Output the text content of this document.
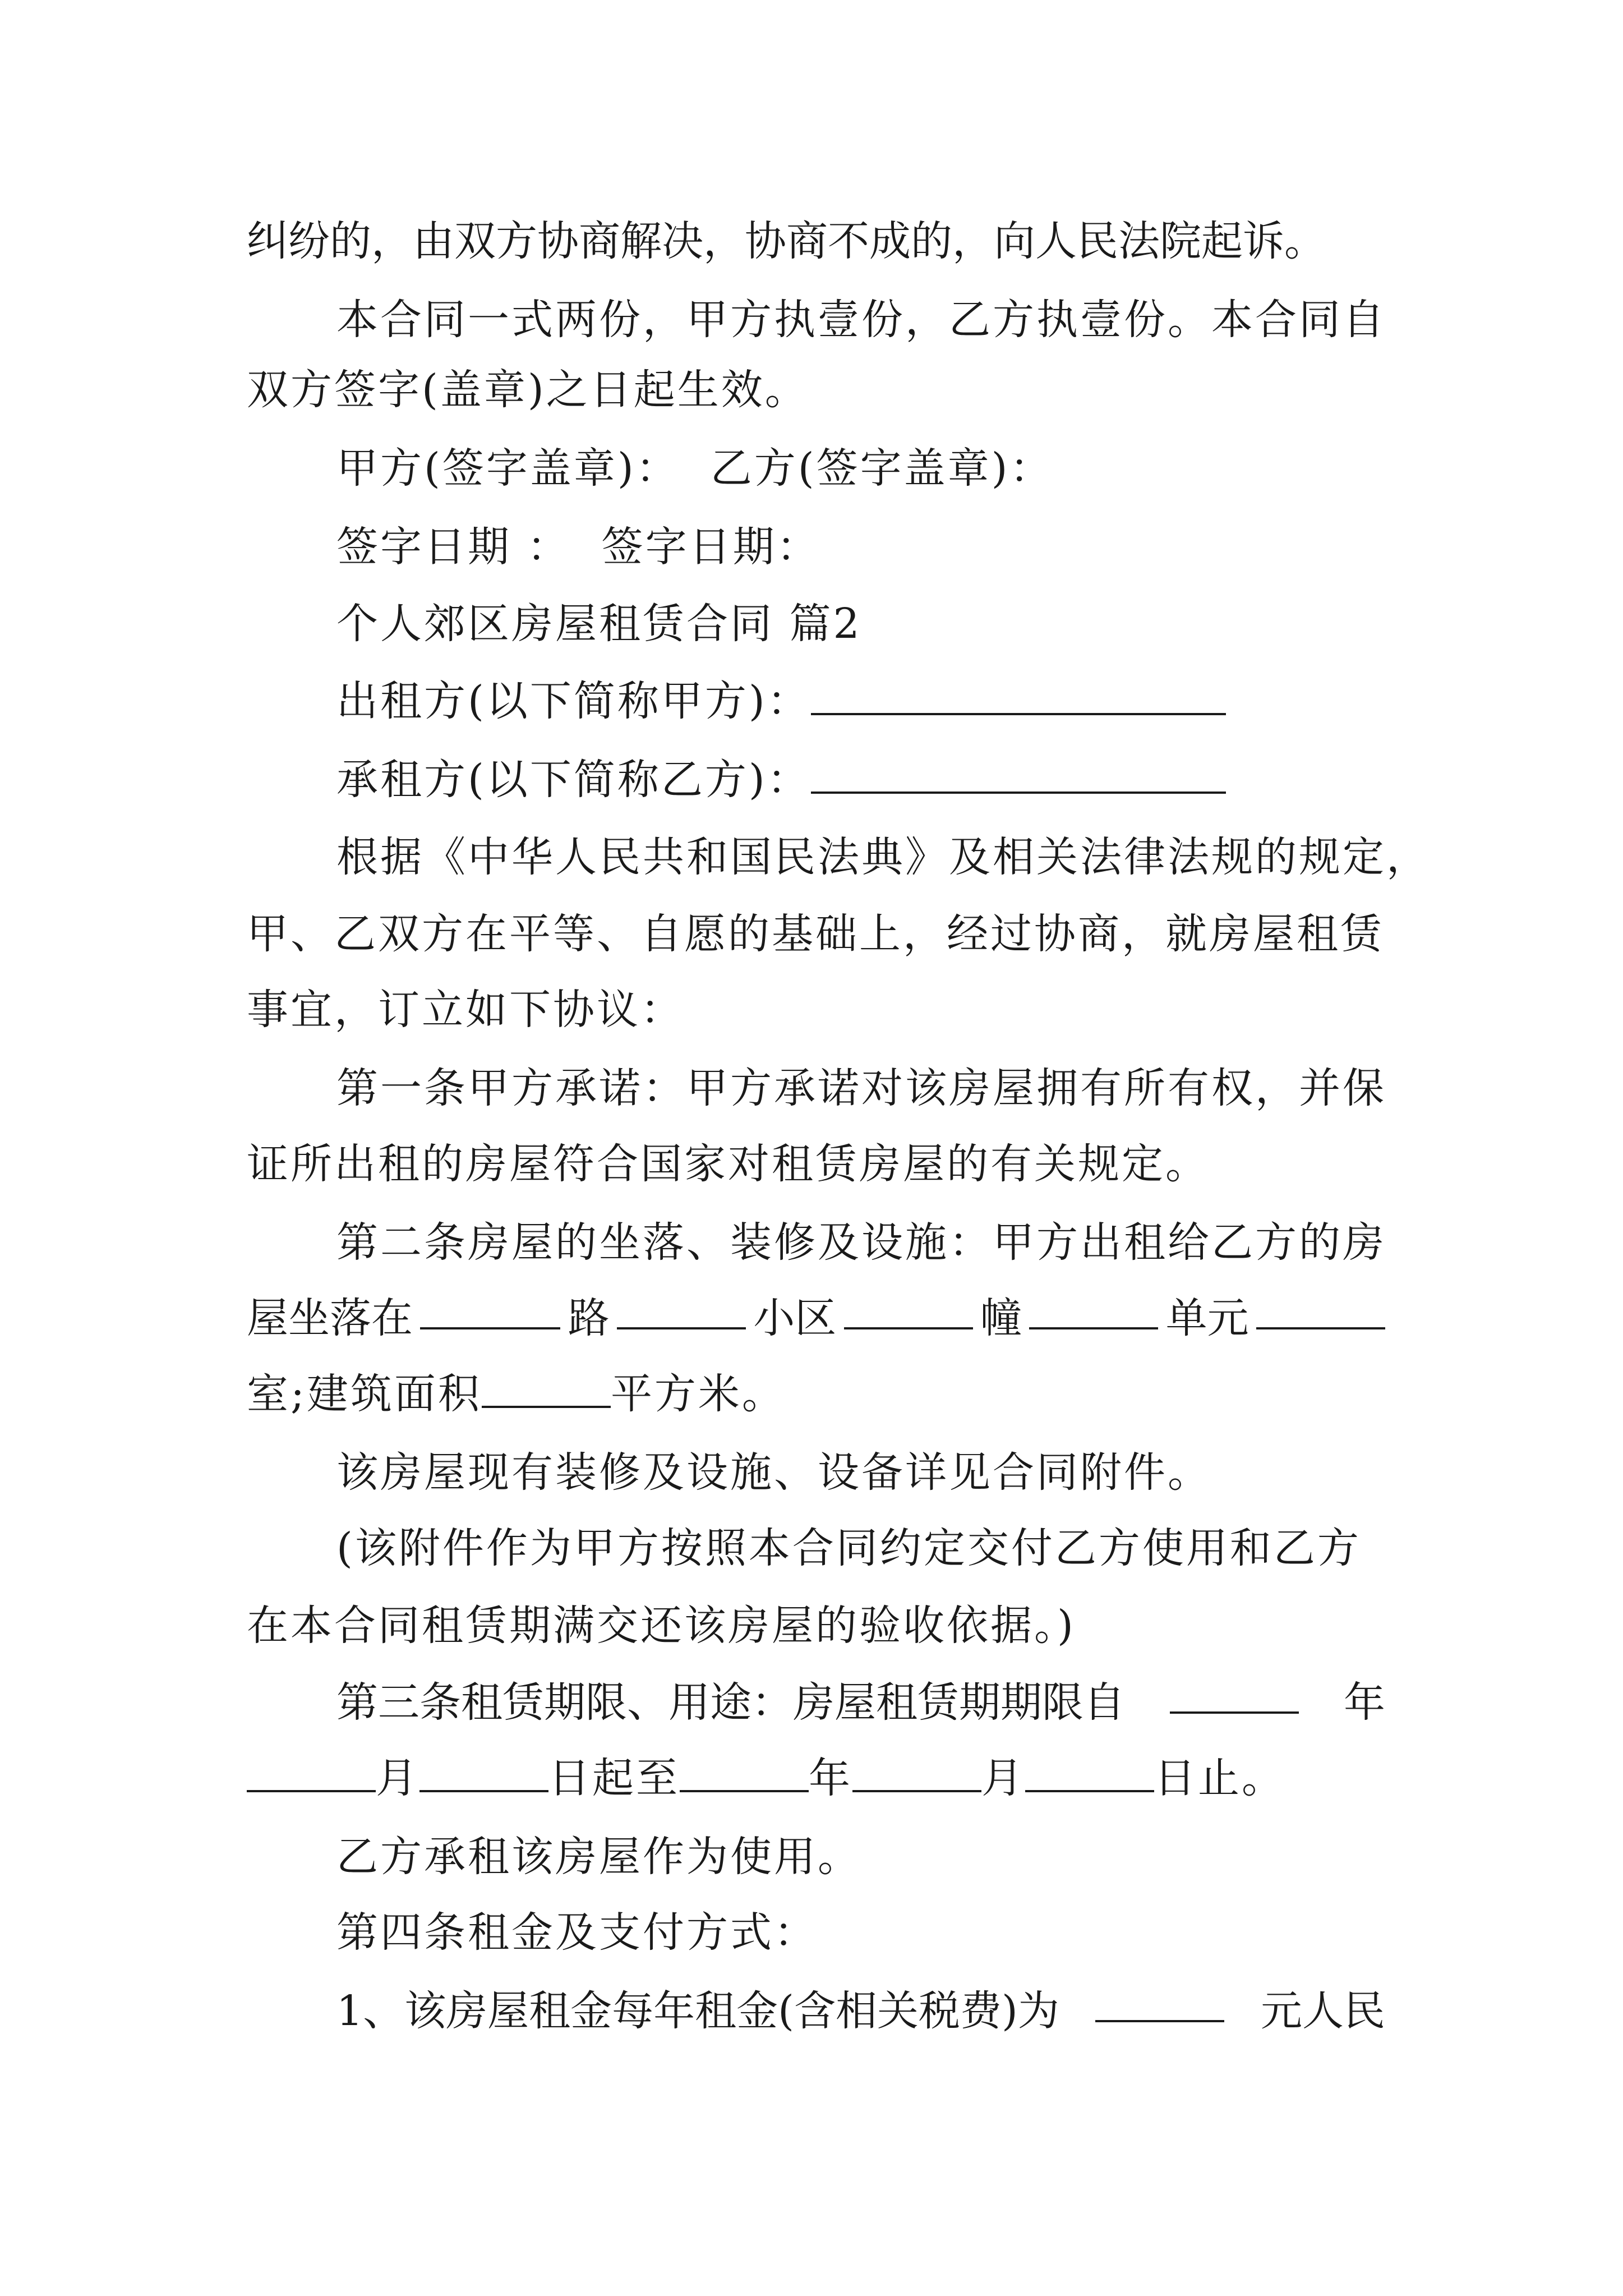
纠纷的，由双方协商解决，协商不成的，向人民法院起诉。
本合同一式两份，甲方执壹份，乙方执壹份。本合同自
双方签字(盖章)之日起生效。
甲方(签字盖章)：  乙方(签字盖章)：
签字日期 ：  签字日期：
个人郊区房屋租赁合同 篇2
出租方(以下简称甲方)：
承租方(以下简称乙方)：
根据《中华人民共和国民法典》及相关法律法规的规定，
甲、乙双方在平等、自愿的基础上，经过协商，就房屋租赁
事宜，订立如下协议：
第一条甲方承诺：甲方承诺对该房屋拥有所有权，并保
证所出租的房屋符合国家对租赁房屋的有关规定。
第二条房屋的坐落、装修及设施：甲方出租给乙方的房
屋坐落在	路	小区	幢	单元
室;建筑面积	平方米。
该房屋现有装修及设施、设备详见合同附件。
(该附件作为甲方按照本合同约定交付乙方使用和乙方
在本合同租赁期满交还该房屋的验收依据。)
第三条租赁期限、用途：房屋租赁期期限自	年
月	日起至	年	月	日止。
乙方承租该房屋作为使用。
第四条租金及支付方式：
1、该房屋租金每年租金(含相关税费)为	元人民
